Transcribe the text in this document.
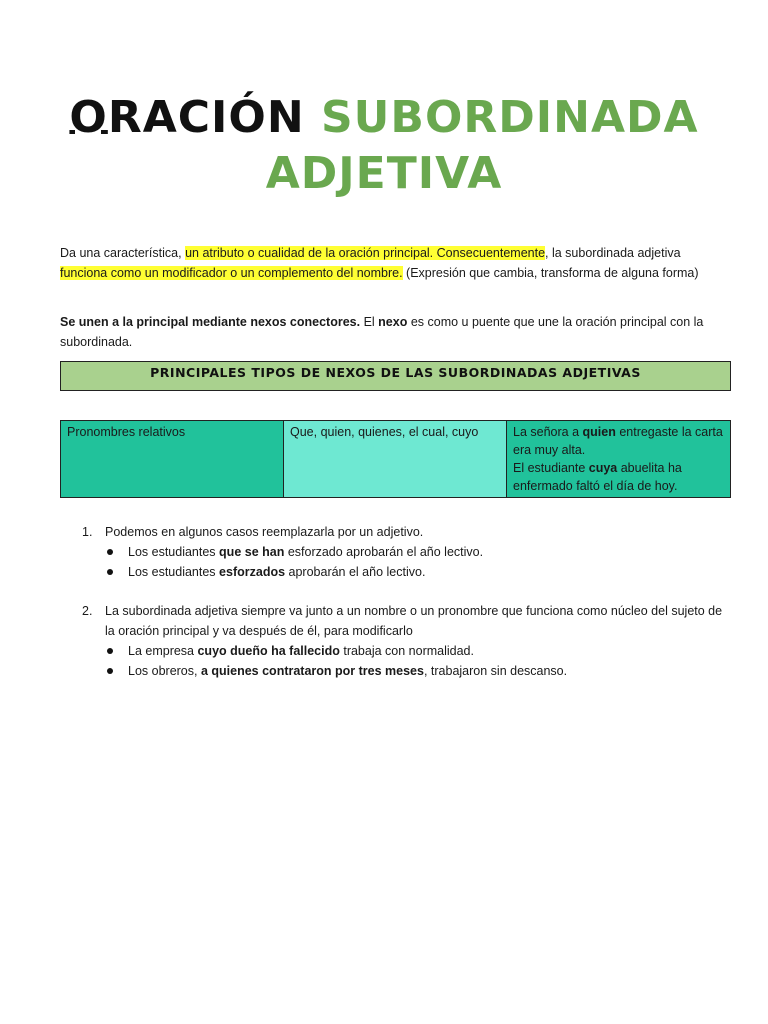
ORACIÓN SUBORDINADA
ADJETIVA

Da una característica, un atributo o cualidad de la oración principal. Consecuentemente, la subordinada adjetiva funciona como un modificador o un complemento del nombre. (Expresión que cambia, transforma de alguna forma)

Se unen a la principal mediante nexos conectores. El nexo es como u puente que une la oración principal con la subordinada.

PRINCIPALES TIPOS DE NEXOS DE LAS SUBORDINADAS ADJETIVAS
Pronombres relativos	Que, quien, quienes, el cual, cuyo	La señora a quien entregaste la carta era muy alta.
El estudiante cuya abuelita ha enfermado faltó el día de hoy.
1. Podemos en algunos casos reemplazarla por un adjetivo.
Los estudiantes que se han esforzado aprobarán el año lectivo.
Los estudiantes esforzados aprobarán el año lectivo.
2. La subordinada adjetiva siempre va junto a un nombre o un pronombre que funciona como núcleo del sujeto de la oración principal y va después de él, para modificarlo
La empresa cuyo dueño ha fallecido trabaja con normalidad.
Los obreros, a quienes contrataron por tres meses, trabajaron sin descanso.
